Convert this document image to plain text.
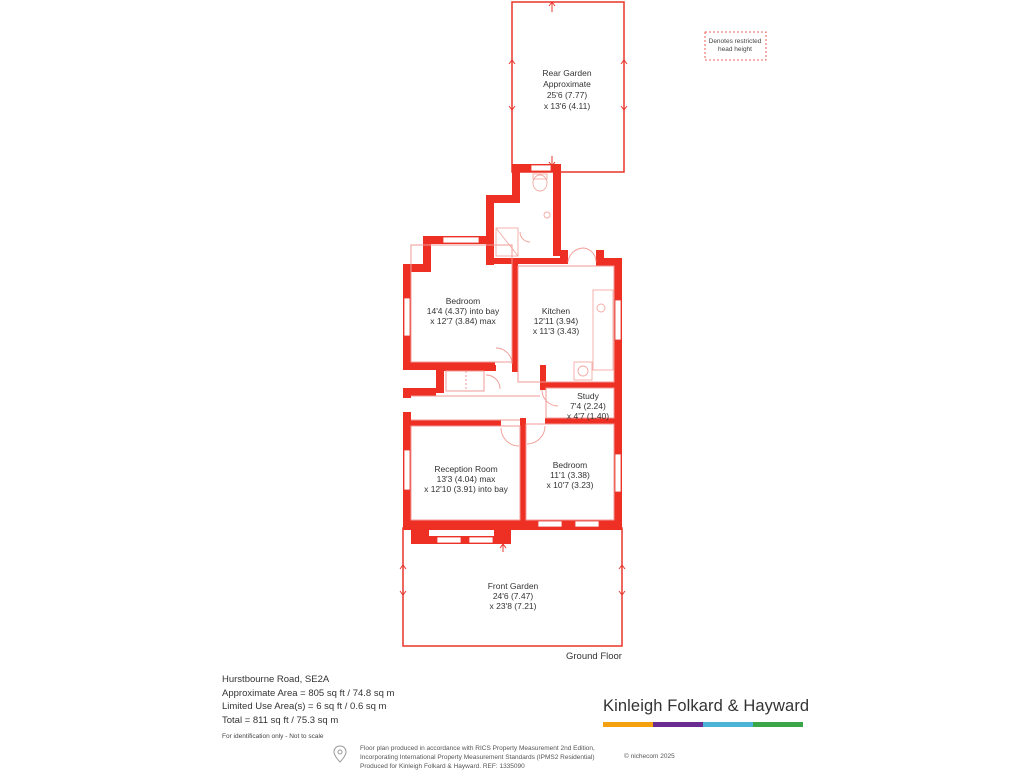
Denotes restricted
head height
Rear Garden
Approximate
25'6 (7.77)
x 13'6 (4.11)
Bedroom
14'4 (4.37) into bay
x 12'7 (3.84) max
Kitchen
12'11 (3.94)
x 11'3 (3.43)
Study
7'4 (2.24)
x 4'7 (1.40)
Reception Room
13'3 (4.04) max
x 12'10 (3.91) into bay
Bedroom
11'1 (3.38)
x 10'7 (3.23)
Front Garden
24'6 (7.47)
x 23'8 (7.21)
Ground Floor
Hurstbourne Road, SE2A
Approximate Area = 805 sq ft / 74.8 sq m
Limited Use Area(s) = 6 sq ft / 0.6 sq m
Total = 811 sq ft / 75.3 sq m
For identification only - Not to scale
Kinleigh Folkard & Hayward
Floor plan produced in accordance with RICS Property Measurement 2nd Edition,
Incorporating International Property Measurement Standards (IPMS2 Residential)
Produced for Kinleigh Folkard & Hayward. REF: 1335090
© nichecom 2025
